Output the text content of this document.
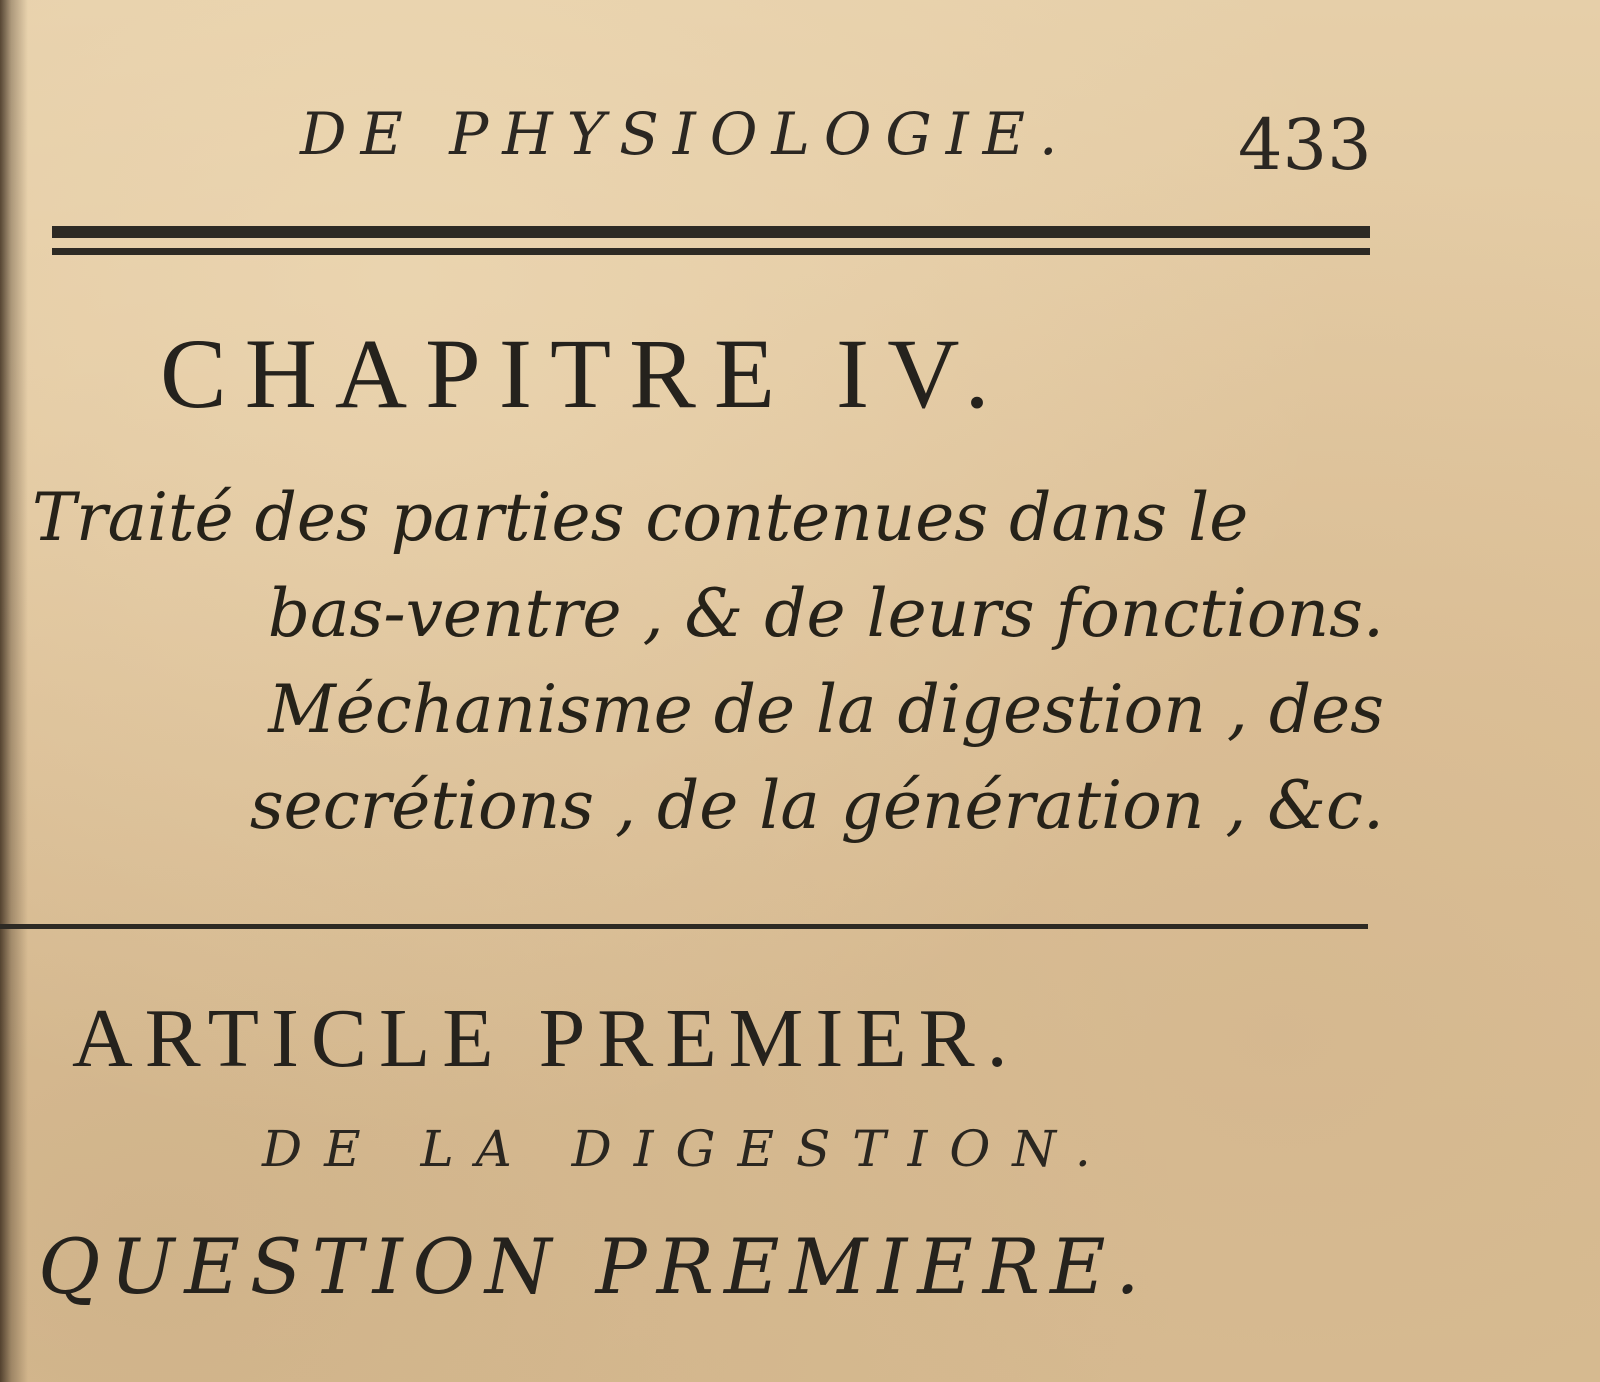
DE PHYSIOLOGIE. 433
CHAPITRE IV.
Traité des parties contenues dans le
bas-ventre , & de leurs fonctions.
Méchanisme de la digestion , des
secrétions , de la génération , &c.
ARTICLE PREMIER.
DE LA DIGESTION.
QUESTION PREMIERE.
